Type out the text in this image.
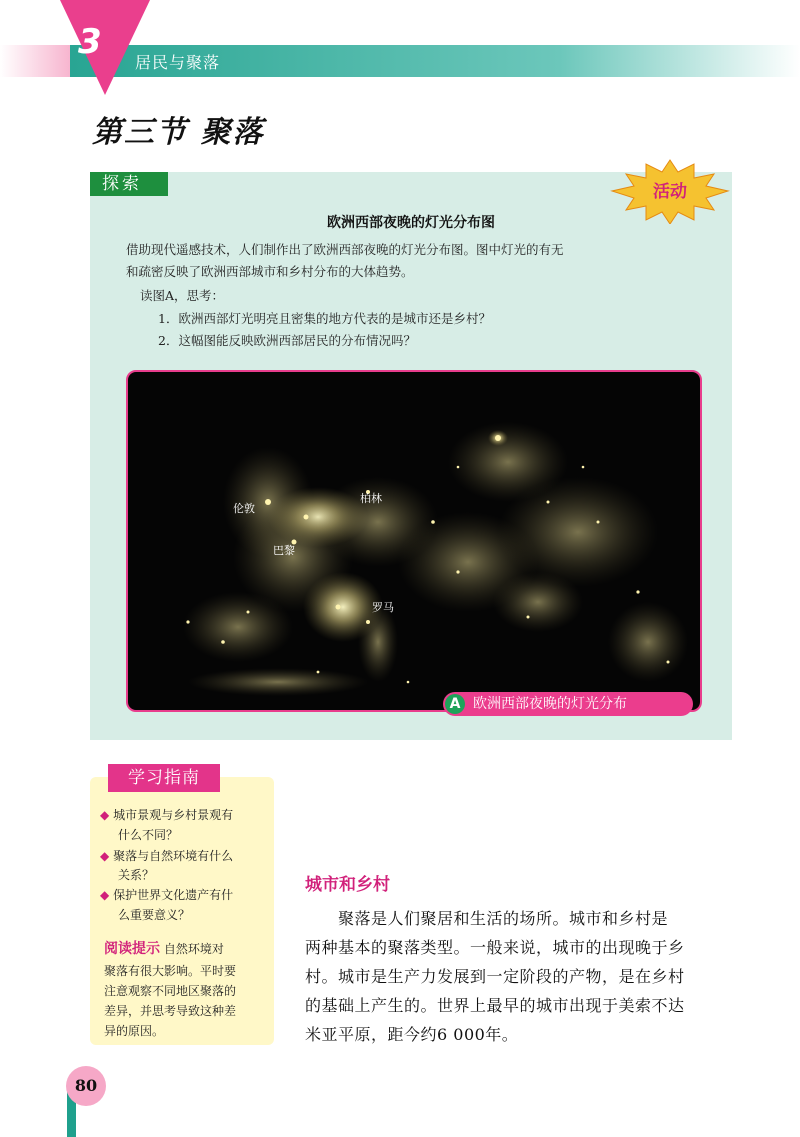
3
居民与聚落
第三节 聚落
探索	活动
欧洲西部夜晚的灯光分布图
借助现代遥感技术，人们制作出了欧洲西部夜晚的灯光分布图。图中灯光的有无
和疏密反映了欧洲西部城市和乡村分布的大体趋势。
读图A，思考：
1．欧洲西部灯光明亮且密集的地方代表的是城市还是乡村？
2．这幅图能反映欧洲西部居民的分布情况吗？
伦敦
柏林
巴黎
罗马
A 欧洲西部夜晚的灯光分布
学习指南
◆ 城市景观与乡村景观有
什么不同？
◆ 聚落与自然环境有什么
关系？
◆ 保护世界文化遗产有什
么重要意义？
阅读提示 自然环境对
聚落有很大影响。平时要
注意观察不同地区聚落的
差异，并思考导致这种差
异的原因。
城市和乡村
聚落是人们聚居和生活的场所。城市和乡村是
两种基本的聚落类型。一般来说，城市的出现晚于乡
村。城市是生产力发展到一定阶段的产物，是在乡村
的基础上产生的。世界上最早的城市出现于美索不达
米亚平原，距今约6 000年。
80
